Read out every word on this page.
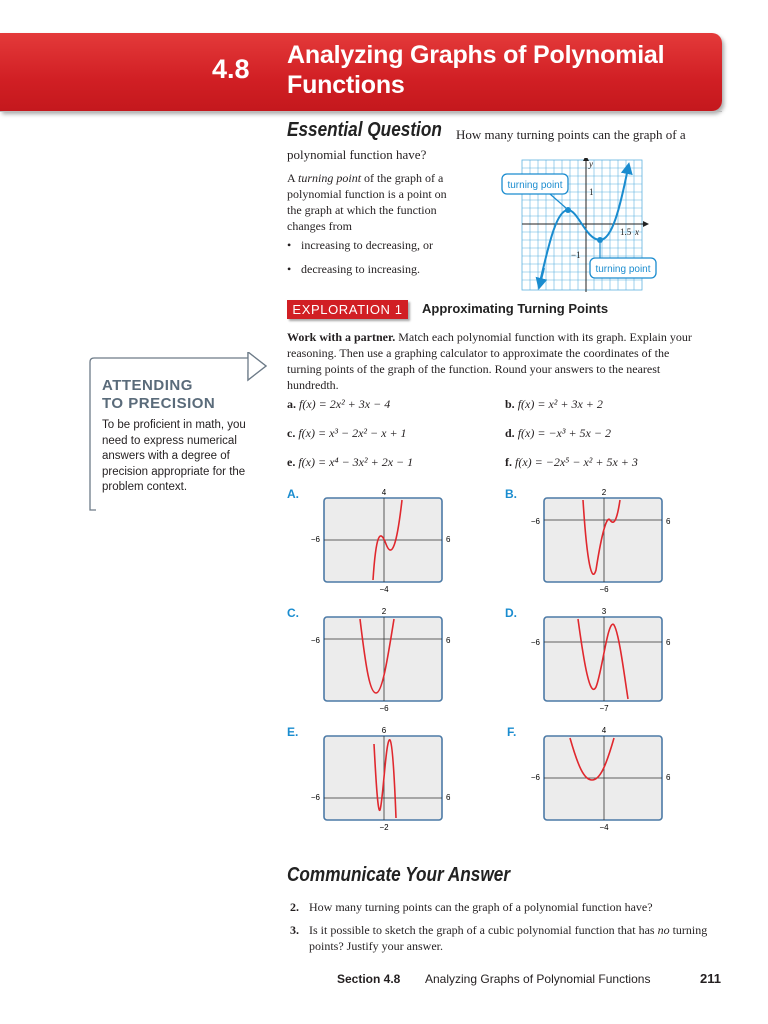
4.8	Analyzing Graphs of Polynomial
Functions
Essential Question How many turning points can the graph of a
polynomial function have?
A turning point of the graph of a polynomial function is a point on the graph at which the function changes from
• increasing to decreasing, or
• decreasing to increasing.
1
−1
1.5 x
y
turning point
turning point
EXPLORATION 1	Approximating Turning Points
Work with a partner. Match each polynomial function with its graph. Explain your reasoning. Then use a graphing calculator to approximate the coordinates of the turning points of the graph of the function. Round your answers to the nearest hundredth.
ATTENDING
TO PRECISION
To be proficient in math, you need to express numerical answers with a degree of precision appropriate for the problem context.
a. f(x) = 2x² + 3x − 4	b. f(x) = x² + 3x + 2
c. f(x) = x³ − 2x² − x + 1	d. f(x) = −x³ + 5x − 2
e. f(x) = x⁴ − 3x² + 2x − 1	f. f(x) = −2x⁵ − x² + 5x + 3
A.	4
−4
−6	6
B.	2
−6
−6	6
C.	2
−6
−6	6
D.	3
−7
−6	6
E.	6
−2
−6	6
F.	4
−4
−6	6
Communicate Your Answer
2. How many turning points can the graph of a polynomial function have?
3. Is it possible to sketch the graph of a cubic polynomial function that has no turning points? Justify your answer.
Section 4.8 Analyzing Graphs of Polynomial Functions	211
